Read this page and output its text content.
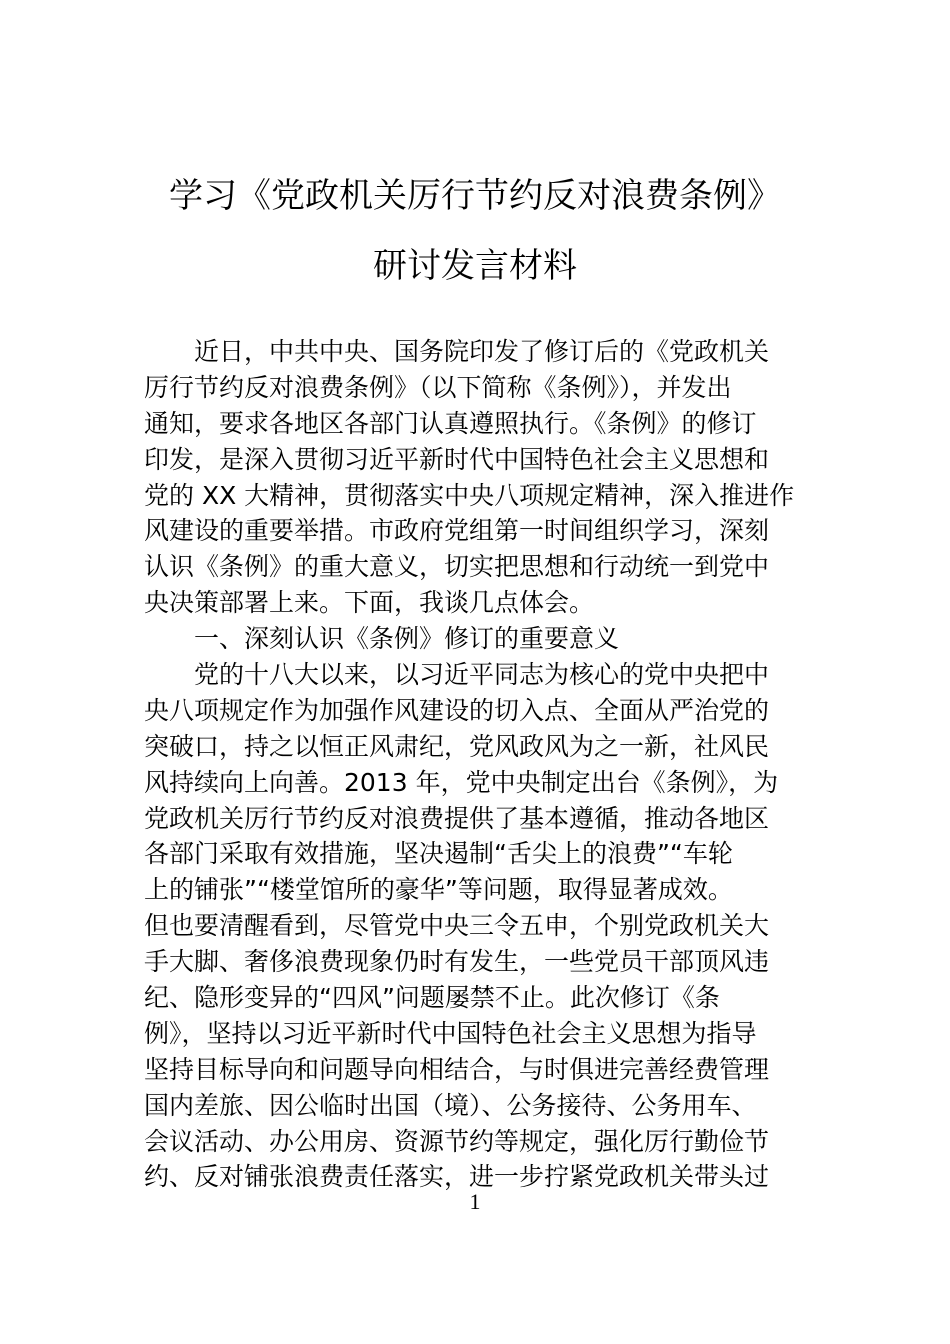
学习《党政机关厉行节约反对浪费条例》
研讨发言材料
近日，中共中央、国务院印发了修订后的《党政机关
厉行节约反对浪费条例》（以下简称《条例》），并发出
通知，要求各地区各部门认真遵照执行。《条例》的修订
印发，是深入贯彻习近平新时代中国特色社会主义思想和
党的 XX 大精神，贯彻落实中央八项规定精神，深入推进作
风建设的重要举措。市政府党组第一时间组织学习，深刻
认识《条例》的重大意义，切实把思想和行动统一到党中
央决策部署上来。下面，我谈几点体会。
一、深刻认识《条例》修订的重要意义
党的十八大以来，以习近平同志为核心的党中央把中
央八项规定作为加强作风建设的切入点、全面从严治党的
突破口，持之以恒正风肃纪，党风政风为之一新，社风民
风持续向上向善。2013 年，党中央制定出台《条例》，为
党政机关厉行节约反对浪费提供了基本遵循，推动各地区
各部门采取有效措施，坚决遏制“舌尖上的浪费”“车轮
上的铺张”“楼堂馆所的豪华”等问题，取得显著成效。
但也要清醒看到，尽管党中央三令五申，个别党政机关大
手大脚、奢侈浪费现象仍时有发生，一些党员干部顶风违
纪、隐形变异的“四风”问题屡禁不止。此次修订《条
例》，坚持以习近平新时代中国特色社会主义思想为指导
坚持目标导向和问题导向相结合，与时俱进完善经费管理
国内差旅、因公临时出国（境）、公务接待、公务用车、
会议活动、办公用房、资源节约等规定，强化厉行勤俭节
约、反对铺张浪费责任落实，进一步拧紧党政机关带头过
1
